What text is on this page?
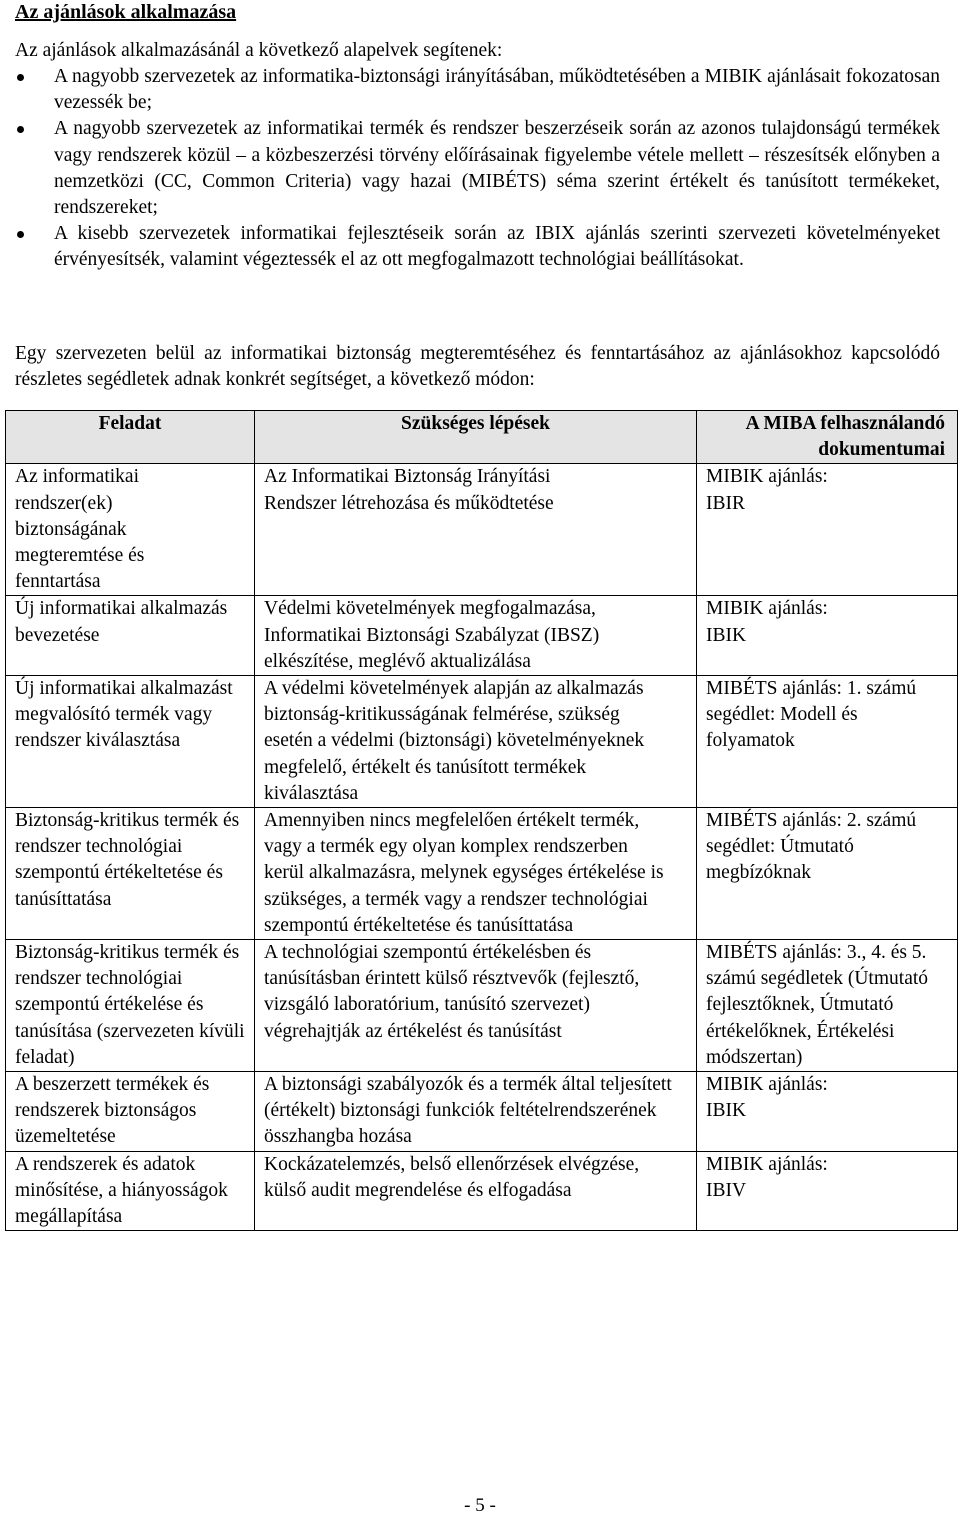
Az ajánlások alkalmazása

Az ajánlások alkalmazásánál a következő alapelvek segítenek:

A nagyobb szervezetek az informatika-biztonsági irányításában, működtetésében a MIBIK ajánlásait fokozatosan vezessék be;
A nagyobb szervezetek az informatikai termék és rendszer beszerzéseik során az azonos tulajdonságú termékek vagy rendszerek közül – a közbeszerzési törvény előírásainak figyelembe vétele mellett – részesítsék előnyben a nemzetközi (CC, Common Criteria) vagy hazai (MIBÉTS) séma szerint értékelt és tanúsított termékeket, rendszereket;
A kisebb szervezetek informatikai fejlesztéseik során az IBIX ajánlás szerinti szervezeti követelményeket érvényesítsék, valamint végeztessék el az ott megfogalmazott technológiai beállításokat.

Egy szervezeten belül az informatikai biztonság megteremtéséhez és fenntartásához az ajánlásokhoz kapcsolódó részletes segédletek adnak konkrét segítséget, a következő módon:

Feladat	Szükséges lépések	A MIBA felhasználandó dokumentumai
Az informatikai rendszer(ek) biztonságának megteremtése és fenntartása	Az Informatikai Biztonság Irányítási Rendszer létrehozása és működtetése	MIBIK ajánlás: IBIR
Új informatikai alkalmazás bevezetése	Védelmi követelmények megfogalmazása, Informatikai Biztonsági Szabályzat (IBSZ) elkészítése, meglévő aktualizálása	MIBIK ajánlás: IBIK
Új informatikai alkalmazást megvalósító termék vagy rendszer kiválasztása	A védelmi követelmények alapján az alkalmazás biztonság-kritikusságának felmérése, szükség esetén a védelmi (biztonsági) követelményeknek megfelelő, értékelt és tanúsított termékek kiválasztása	MIBÉTS ajánlás: 1. számú segédlet: Modell és folyamatok
Biztonság-kritikus termék és rendszer technológiai szempontú értékeltetése és tanúsíttatása	Amennyiben nincs megfelelően értékelt termék, vagy a termék egy olyan komplex rendszerben kerül alkalmazásra, melynek egységes értékelése is szükséges, a termék vagy a rendszer technológiai szempontú értékeltetése és tanúsíttatása	MIBÉTS ajánlás: 2. számú segédlet: Útmutató megbízóknak
Biztonság-kritikus termék és rendszer technológiai szempontú értékelése és tanúsítása (szervezeten kívüli feladat)	A technológiai szempontú értékelésben és tanúsításban érintett külső résztvevők (fejlesztő, vizsgáló laboratórium, tanúsító szervezet) végrehajtják az értékelést és tanúsítást	MIBÉTS ajánlás: 3., 4. és 5. számú segédletek (Útmutató fejlesztőknek, Útmutató értékelőknek, Értékelési módszertan)
A beszerzett termékek és rendszerek biztonságos üzemeltetése	A biztonsági szabályozók és a termék által teljesített (értékelt) biztonsági funkciók feltételrendszerének összhangba hozása	MIBIK ajánlás: IBIK
A rendszerek és adatok minősítése, a hiányosságok megállapítása	Kockázatelemzés, belső ellenőrzések elvégzése, külső audit megrendelése és elfogadása	MIBIK ajánlás: IBIV
- 5 -
